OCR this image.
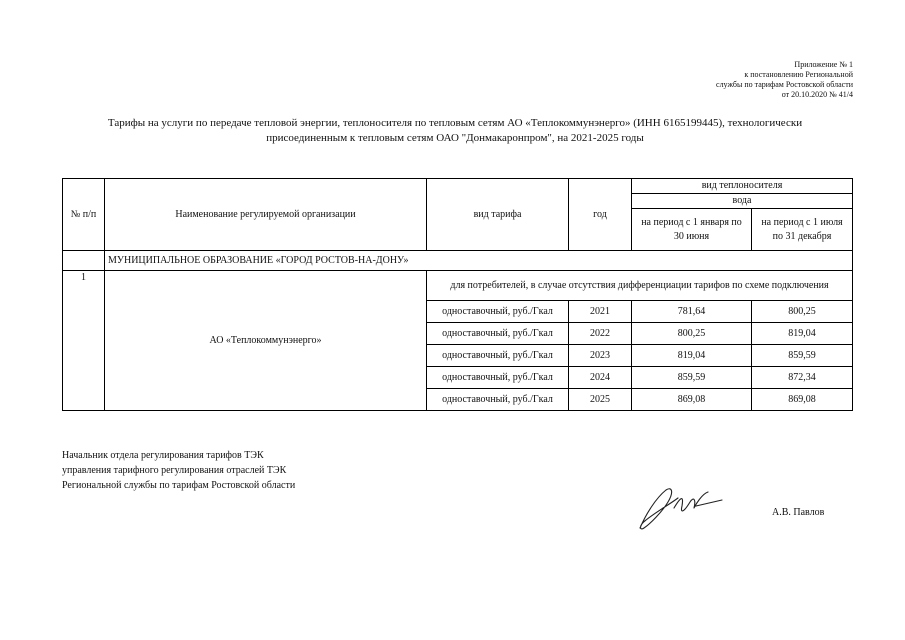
Приложение № 1
к постановлению Региональной
службы по тарифам Ростовской области
от 20.10.2020 № 41/4
Тарифы на услуги по передаче тепловой энергии, теплоносителя по тепловым сетям АО «Теплокоммунэнерго» (ИНН 6165199445), технологически
присоединенным к тепловым сетям ОАО "Донмакаронпром", на 2021-2025 годы
№ п/п	Наименование регулируемой организации	вид тарифа	год	вид теплоносителя	
				вода	
				на период с 1 января по 30 июня	на период с 1 июля по 31 декабря
	МУНИЦИПАЛЬНОЕ ОБРАЗОВАНИЕ «ГОРОД РОСТОВ-НА-ДОНУ»				
1	АО «Теплокоммунэнерго»	для потребителей, в случае отсутствия дифференциации тарифов по схеме подключения			
		одноставочный, руб./Гкал	2021	781,64	800,25
		одноставочный, руб./Гкал	2022	800,25	819,04
		одноставочный, руб./Гкал	2023	819,04	859,59
		одноставочный, руб./Гкал	2024	859,59	872,34
		одноставочный, руб./Гкал	2025	869,08	869,08
Начальник отдела регулирования тарифов ТЭК
управления тарифного регулирования отраслей ТЭК
Региональной службы по тарифам Ростовской области
А.В. Павлов
